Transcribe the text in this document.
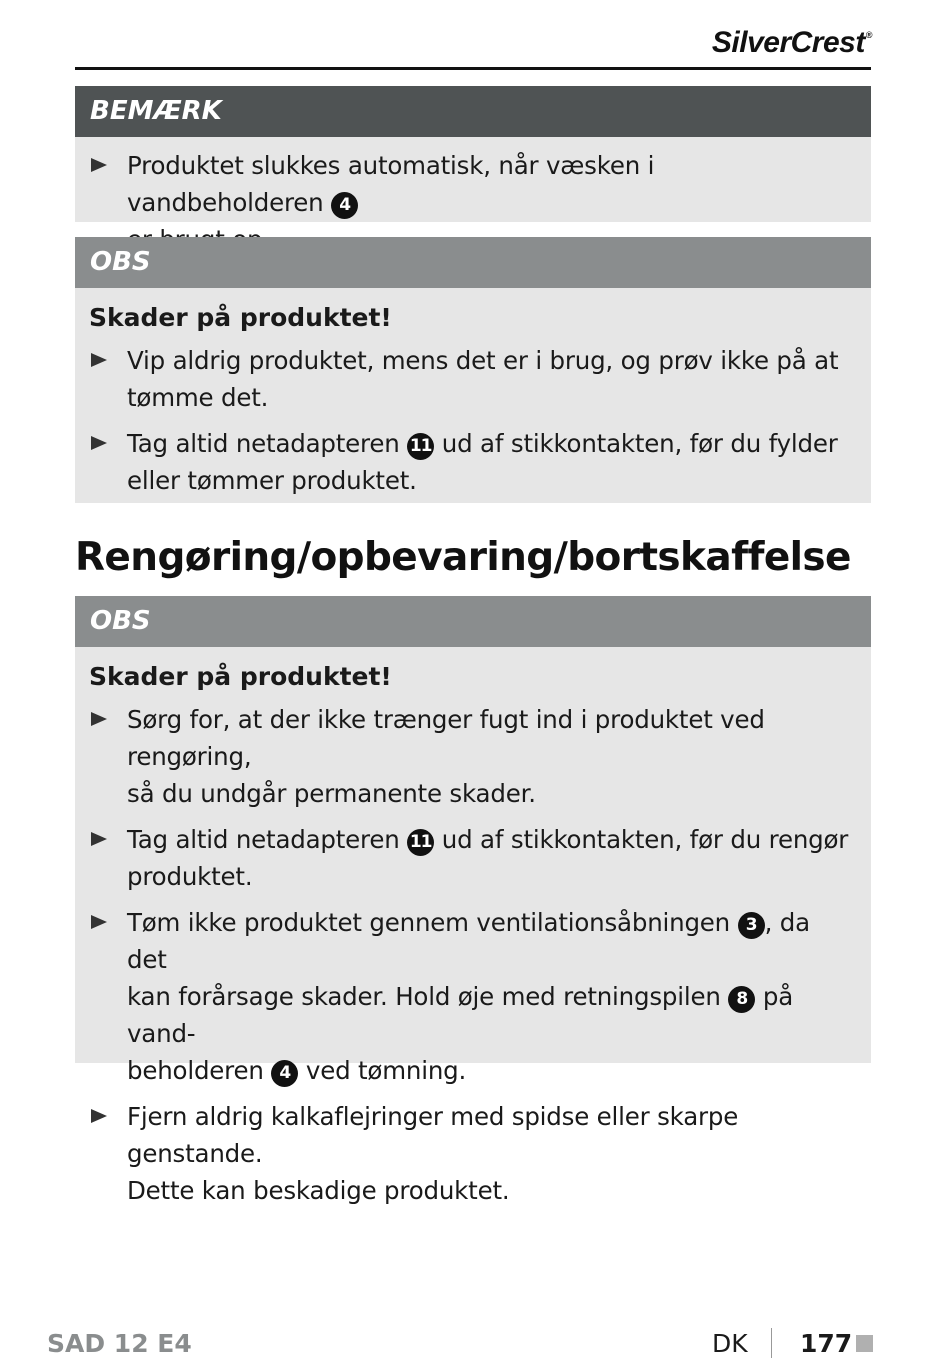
SilverCrest®
BEMÆRK
Produktet slukkes automatisk, når væsken i vandbeholderen 4

OBS
Skader på produktet!
Vip aldrig produktet, mens det er i brug, og prøv ikke på at
tømme det.
Tag altid netadapteren 11 ud af stikkontakten, før du fylder
eller tømmer produktet.
Rengøring/opbevaring/bortskaffelse
OBS
Skader på produktet!
Sørg for, at der ikke trænger fugt ind i produktet ved rengøring,
så du undgår permanente skader.
Tag altid netadapteren 11 ud af stikkontakten, før du rengør
produktet.
Tøm ikke produktet gennem ventilationsåbningen 3 , da det
kan forårsage skader. Hold øje med retningspilen 8 på vand-
beholderen 4 ved tømning.
Fjern aldrig kalkaflejringer med spidse eller skarpe genstande.
Dette kan beskadige produktet.
SAD 12 E4	DK 177
